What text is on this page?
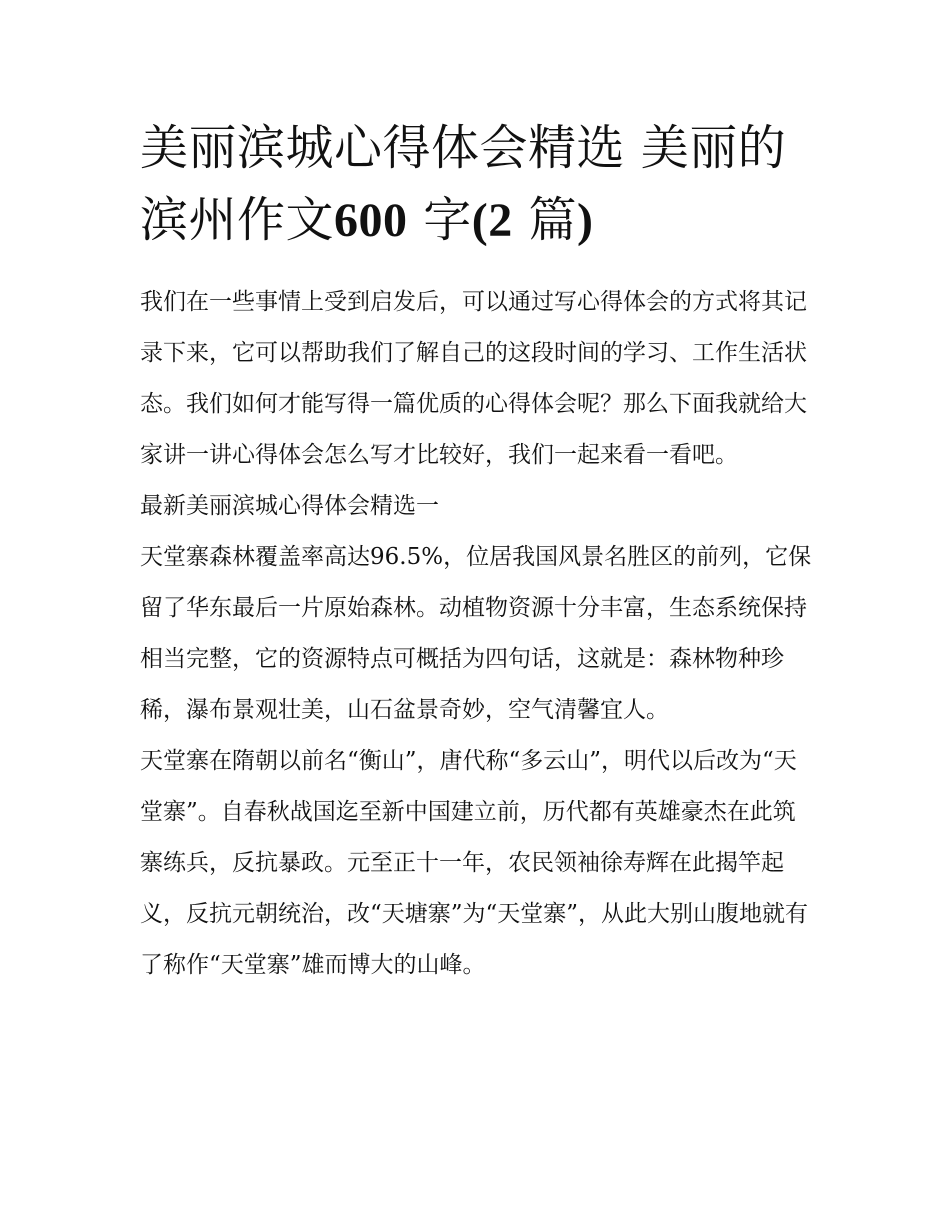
美丽滨城心得体会精选 美丽的滨州作文600 字(2 篇)

我们在一些事情上受到启发后，可以通过写心得体会的方式将其记录下来，它可以帮助我们了解自己的这段时间的学习、工作生活状态。我们如何才能写得一篇优质的心得体会呢？那么下面我就给大家讲一讲心得体会怎么写才比较好，我们一起来看一看吧。

最新美丽滨城心得体会精选一

天堂寨森林覆盖率高达96.5%，位居我国风景名胜区的前列，它保留了华东最后一片原始森林。动植物资源十分丰富，生态系统保持相当完整，它的资源特点可概括为四句话，这就是：森林物种珍稀，瀑布景观壮美，山石盆景奇妙，空气清馨宜人。

天堂寨在隋朝以前名“衡山”，唐代称“多云山”，明代以后改为“天堂寨”。自春秋战国迄至新中国建立前，历代都有英雄豪杰在此筑寨练兵，反抗暴政。元至正十一年，农民领袖徐寿辉在此揭竿起义，反抗元朝统治，改“天塘寨”为“天堂寨”，从此大别山腹地就有了称作“天堂寨”雄而博大的山峰。
